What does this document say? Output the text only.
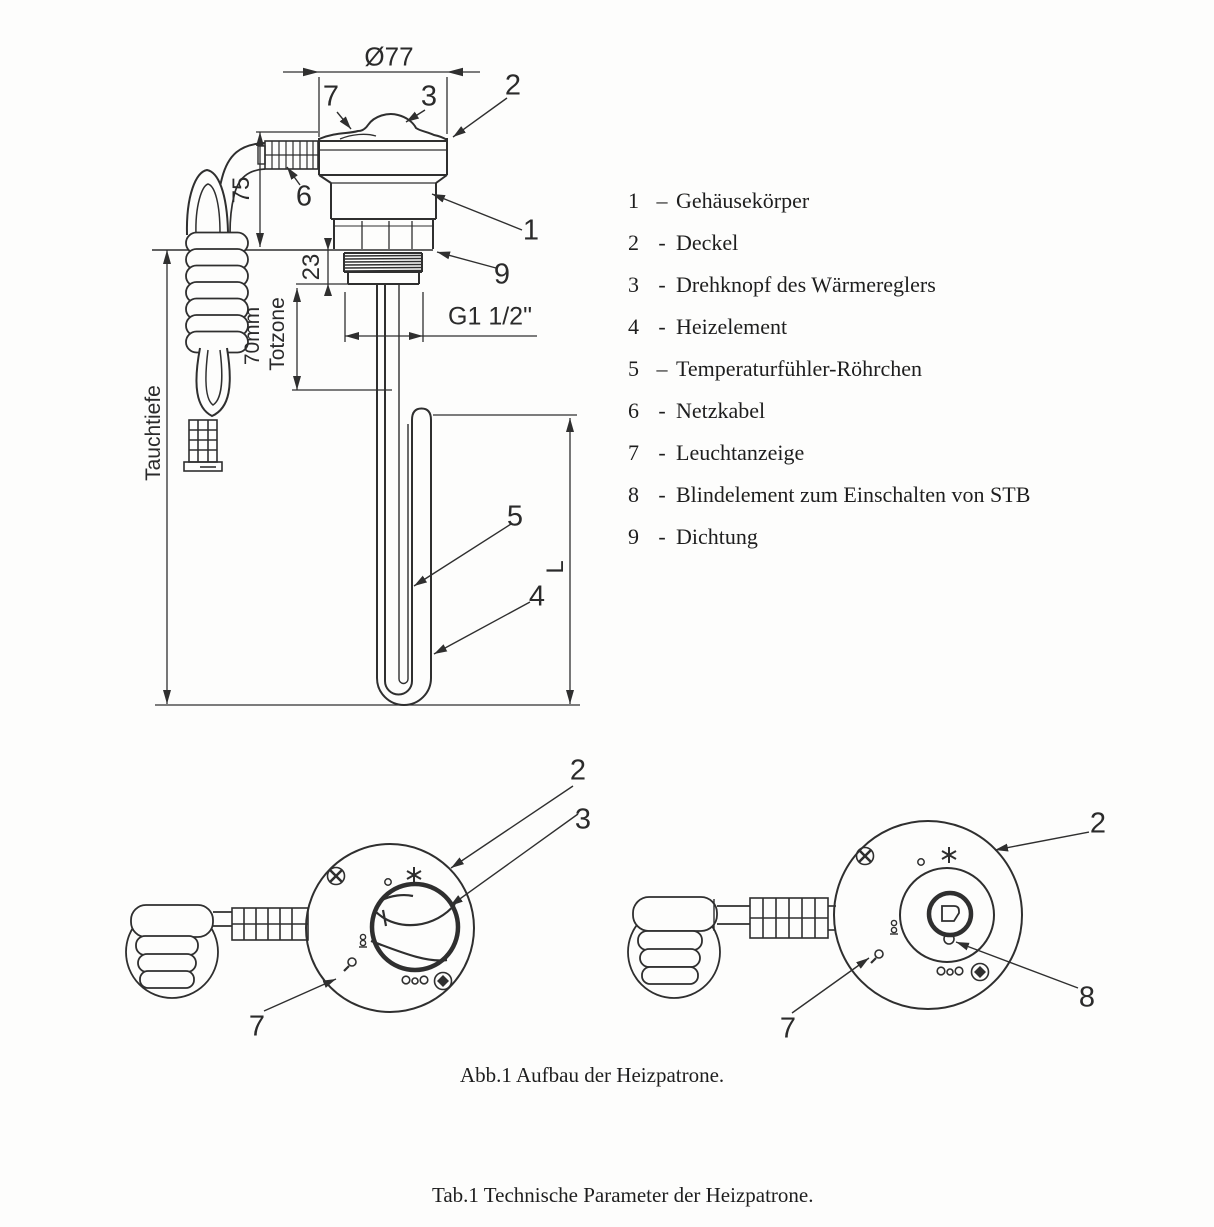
Ø77
75
23
70mm Totzone
Tauchtiefe
G1 1/2"
L
7	3 2
6
1
9
5
4
2
3
7
2
7
8
1 – Gehäusekörper
2 - Deckel
3 - Drehknopf des Wärmereglers
4 - Heizelement
5 – Temperaturfühler-Röhrchen
6 - Netzkabel
7 - Leuchtanzeige
8 - Blindelement zum Einschalten von STB
9 - Dichtung
Abb.1 Aufbau der Heizpatrone.
Tab.1 Technische Parameter der Heizpatrone.
